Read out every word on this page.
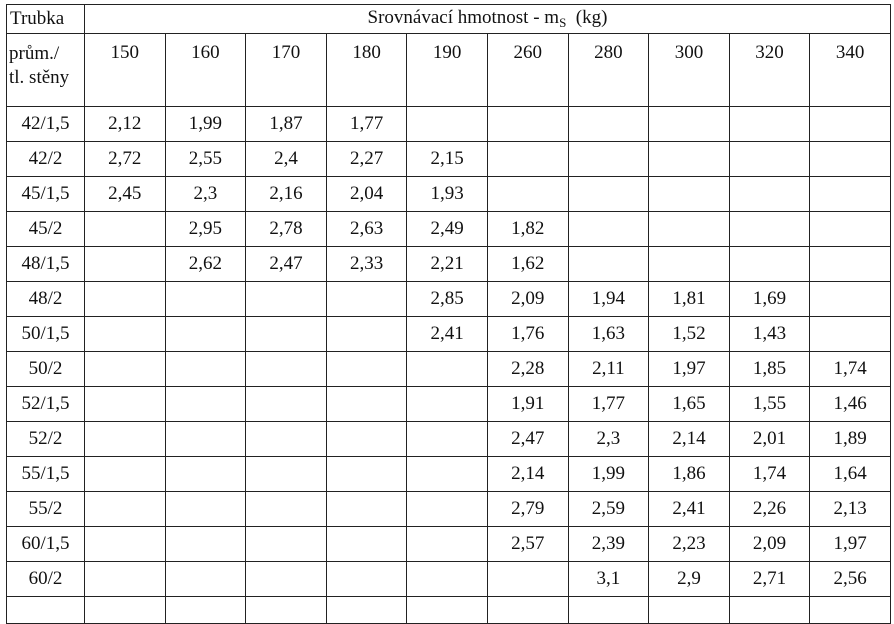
Trubka	Srovnávací hmotnost - $m_S$ (kg)									

prům./
tl. stěny	150	160	170	180	190	260	280	300	320	340
42/1,5	2,12	1,99	1,87	1,77						
42/2	2,72	2,55	2,4	2,27	2,15					
45/1,5	2,45	2,3	2,16	2,04	1,93					
45/2		2,95	2,78	2,63	2,49	1,82				
48/1,5		2,62	2,47	2,33	2,21	1,62				
48/2					2,85	2,09	1,94	1,81	1,69	
50/1,5					2,41	1,76	1,63	1,52	1,43	
50/2						2,28	2,11	1,97	1,85	1,74
52/1,5						1,91	1,77	1,65	1,55	1,46
52/2						2,47	2,3	2,14	2,01	1,89
55/1,5						2,14	1,99	1,86	1,74	1,64
55/2						2,79	2,59	2,41	2,26	2,13
60/1,5						2,57	2,39	2,23	2,09	1,97
60/2							3,1	2,9	2,71	2,56
